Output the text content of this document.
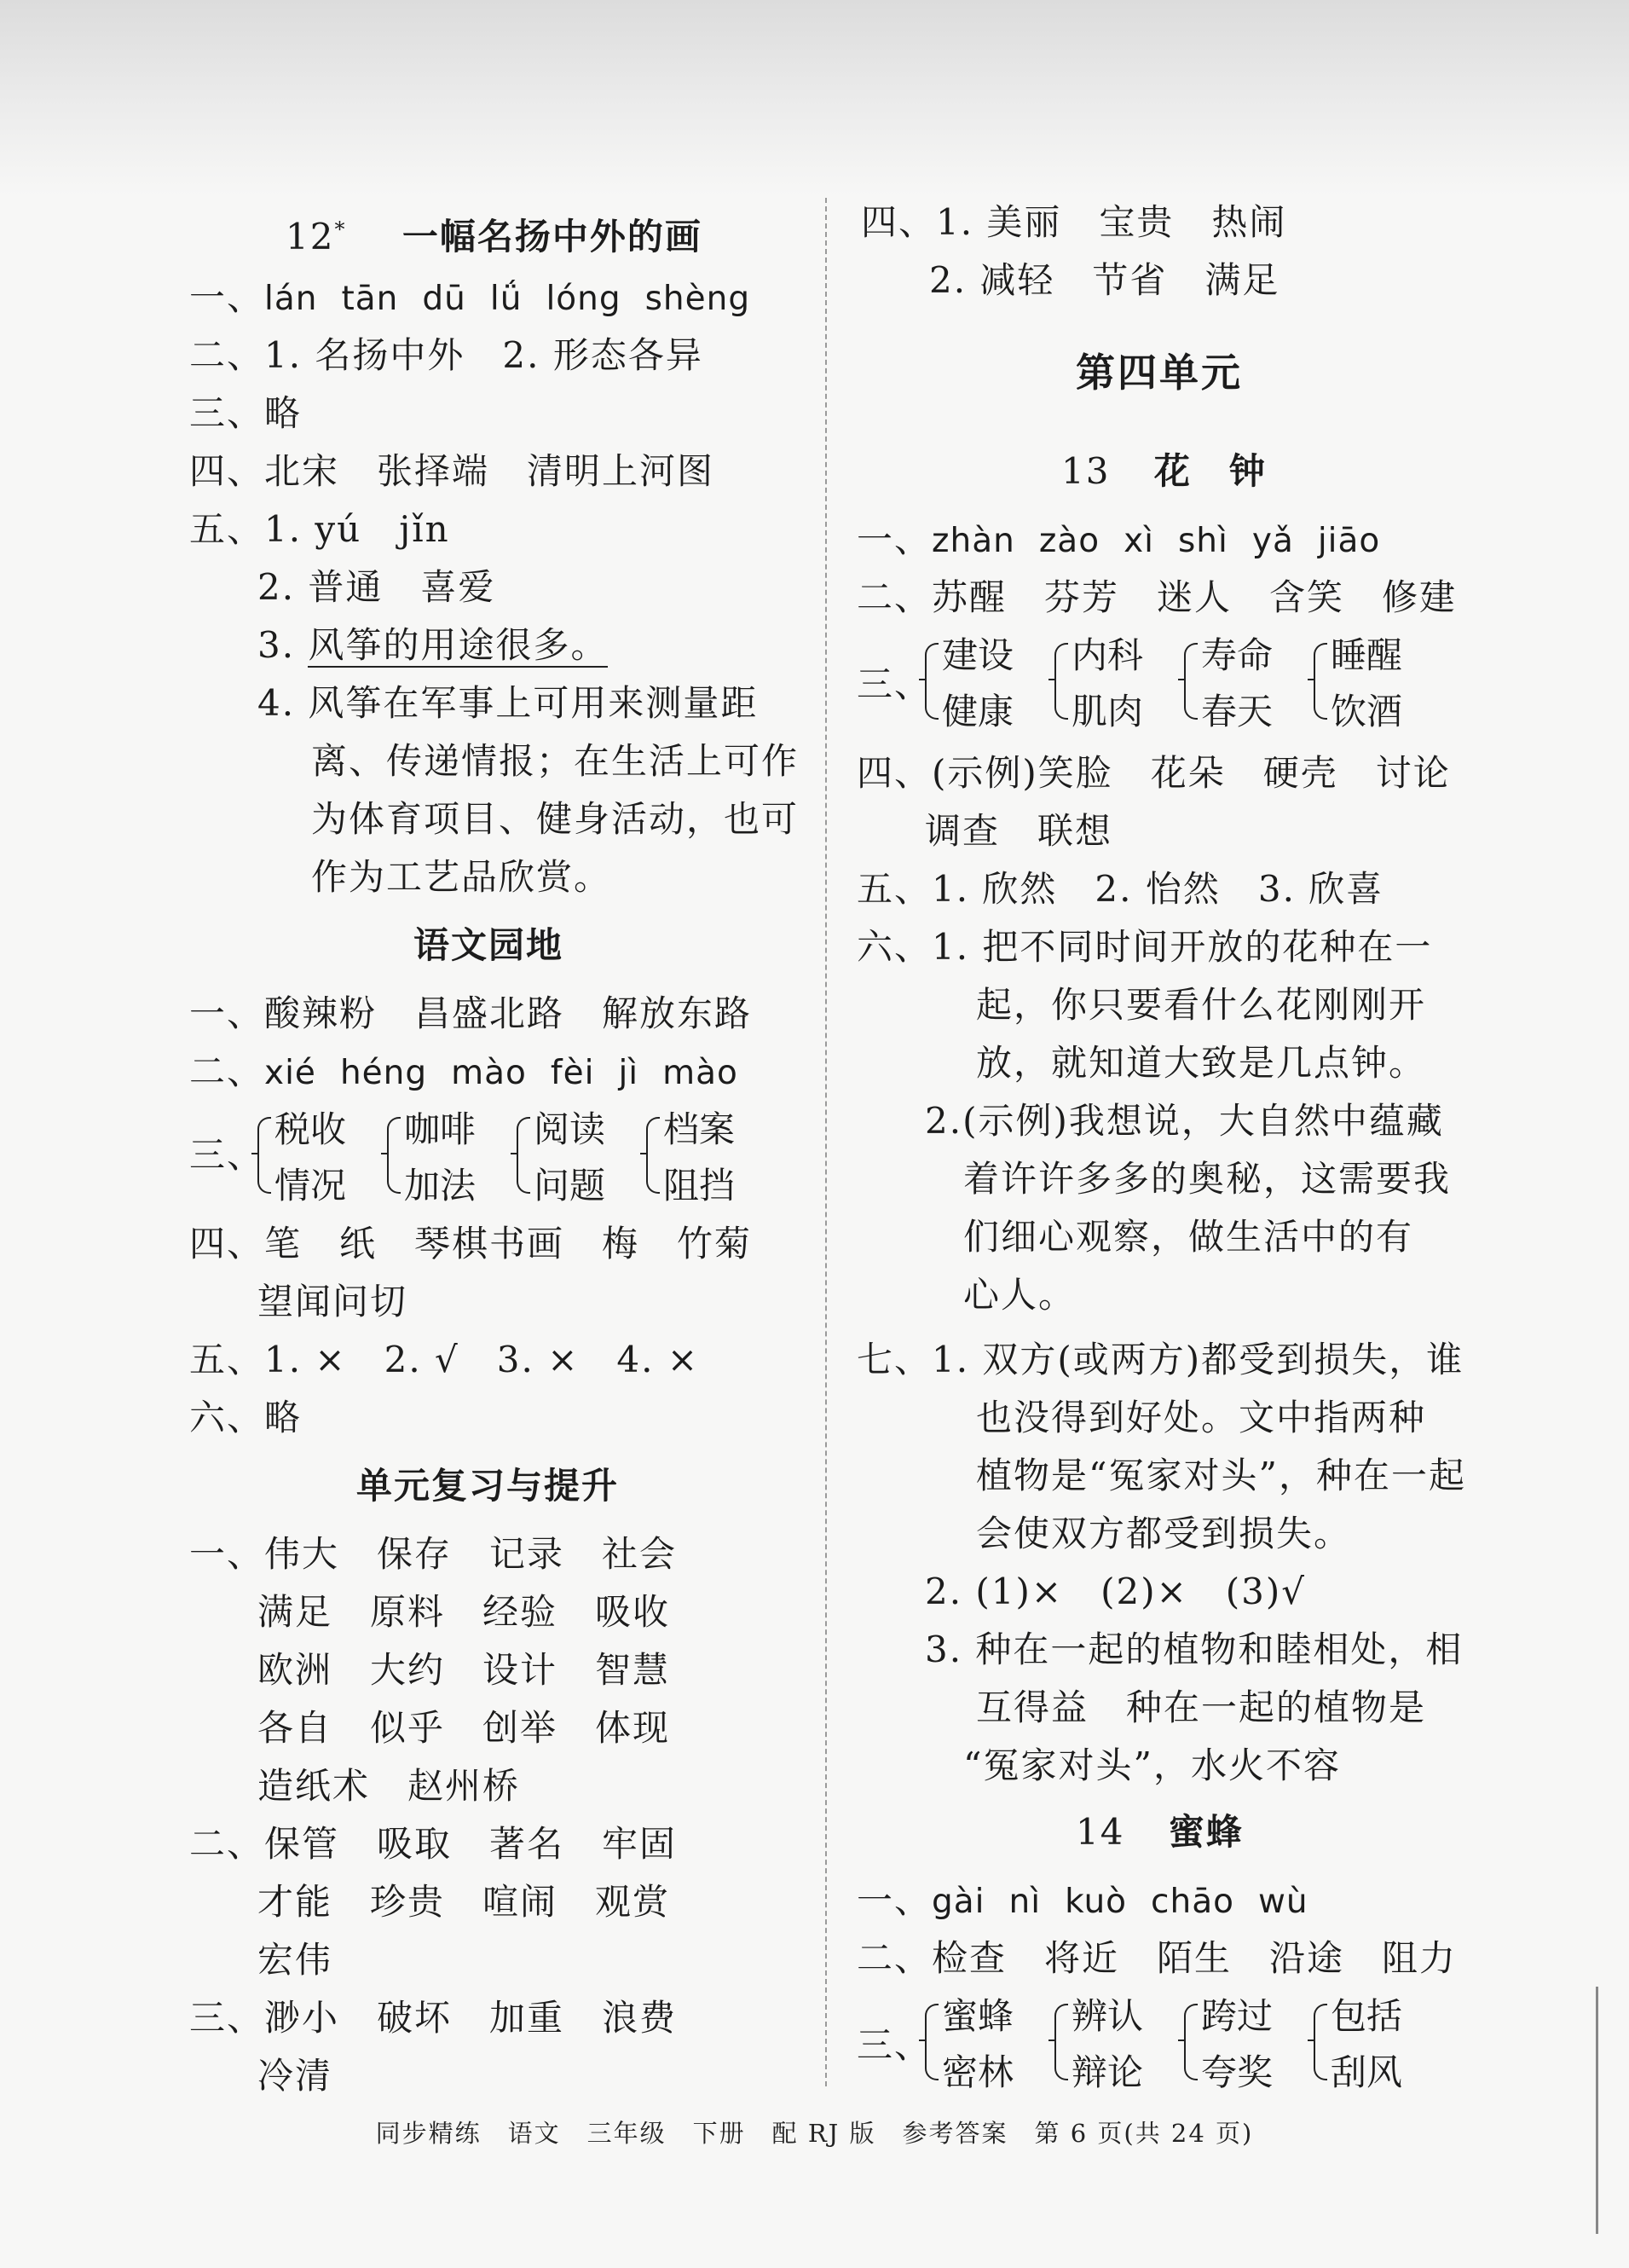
12* 一幅名扬中外的画
一、lán tān dū lǘ lóng shèng
二、1. 名扬中外　2. 形态各异
三、略
四、北宋　张择端　清明上河图
五、1. yú　jǐn
2. 普通　喜爱
3. 风筝的用途很多。
4. 风筝在军事上可用来测量距
离、传递情报；在生活上可作
为体育项目、健身活动，也可
作为工艺品欣赏。
语文园地
一、酸辣粉　昌盛北路　解放东路
二、xié héng mào fèi jì mào
三、
税收
情况
咖啡
加法
阅读
问题
档案
阻挡
四、笔　纸　琴棋书画　梅　竹菊
望闻问切
五、1. ×　2. √　3. ×　4. ×
六、略
单元复习与提升
一、伟大　保存　记录　社会
满足　原料　经验　吸收
欧洲　大约　设计　智慧
各自　似乎　创举　体现
造纸术　赵州桥
二、保管　吸取　著名　牢固
才能　珍贵　喧闹　观赏
宏伟
三、渺小　破坏　加重　浪费
冷清
四、1. 美丽　宝贵　热闹
2. 减轻　节省　满足
第四单元
13 花　钟
一、zhàn zào xì shì yǎ jiāo
二、苏醒　芬芳　迷人　含笑　修建
三、
建设
健康
内科
肌肉
寿命
春天
睡醒
饮酒
四、(示例)笑脸　花朵　硬壳　讨论
调查　联想
五、1. 欣然　2. 怡然　3. 欣喜
六、1. 把不同时间开放的花种在一
起，你只要看什么花刚刚开
放，就知道大致是几点钟。
2.(示例)我想说，大自然中蕴藏
着许许多多的奥秘，这需要我
们细心观察，做生活中的有
心人。
七、1. 双方(或两方)都受到损失，谁
也没得到好处。文中指两种
植物是“冤家对头”，种在一起
会使双方都受到损失。
2. (1)×　(2)×　(3)√
3. 种在一起的植物和睦相处，相
互得益　种在一起的植物是
“冤家对头”，水火不容
14 蜜蜂
一、gài nì kuò chāo wù
二、检查　将近　陌生　沿途　阻力
三、
蜜蜂
密林
辨认
辩论
跨过
夸奖
包括
刮风
同步精练　语文　三年级　下册　配 RJ 版　参考答案　第 6 页(共 24 页)
